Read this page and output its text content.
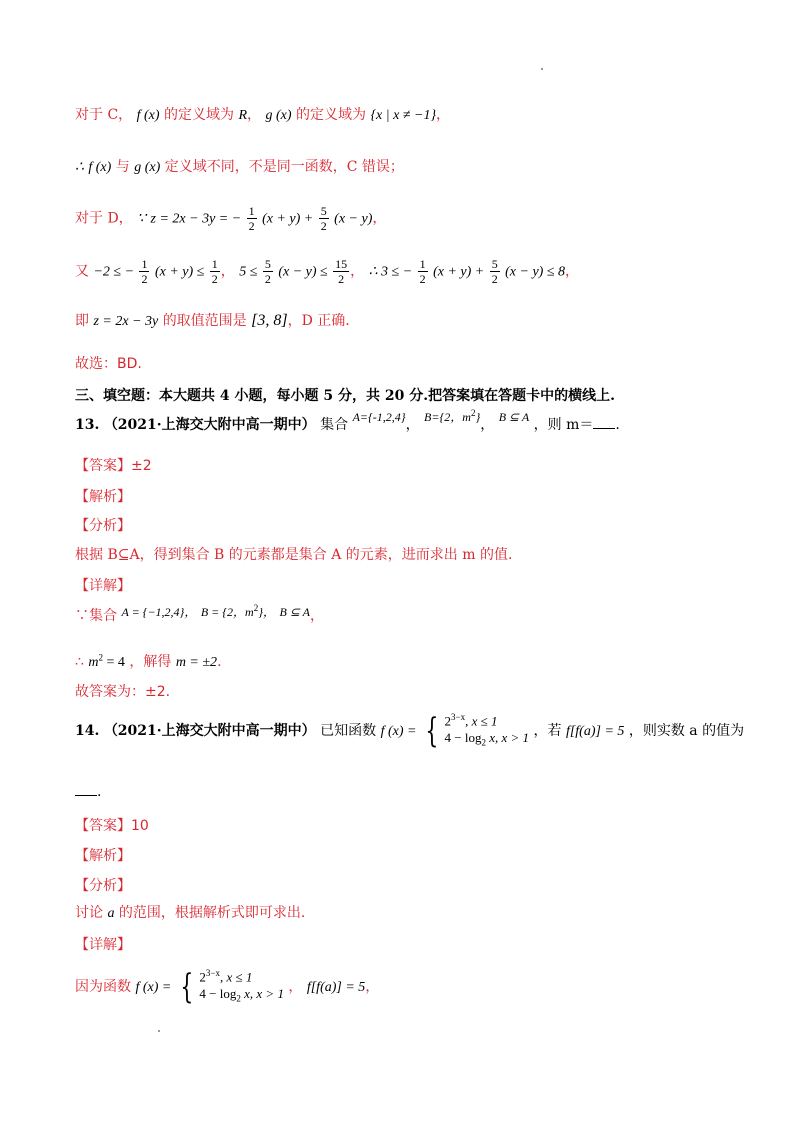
对于 C， f (x) 的定义域为 R， g (x) 的定义域为 {x | x ≠ −1}，
∴ f (x) 与 g (x) 定义域不同，不是同一函数，C 错误；
对于 D， ∵ z = 2x − 3y = − $\frac{1}{2} (x + y) + \frac{5}{2} (x - y)$，
又 −2 ≤ − $\frac{1}{2} (x + y) \le \frac{1}{2}$ ， $5 \le \frac{5}{2} (x - y) \le \frac{15}{2}$ ， ∴ 3 ≤ − $\frac{1}{2} (x + y) + \frac{5}{2} (x - y) \le 8$，
即 z = 2x − 3y 的取值范围是 [3, 8]，D 正确.
故选：BD.
三、填空题：本大题共 4 小题，每小题 5 分，共 20 分.把答案填在答题卡中的横线上.
13. （2021·上海交大附中高一期中） 集合 A={-1,2,4}， B={2，$m^2$}， B ⊆ A ，则 m＝ .
【答案】±2
【解析】
【分析】
根据 B⊆A，得到集合 B 的元素都是集合 A 的元素，进而求出 m 的值.
【详解】
∵集合 A = {−1,2,4}， B = {2，$m^2$}， B ⊆ A，
∴ $m^2 = 4$ ，解得 m = ±2.
故答案为：±2.
14. （2021·上海交大附中高一期中） 已知函数 f (x) = { $2^{3-x}$, x ≤ 1
$4 - \log_2 x$, x > 1 ，若 f[f(a)] = 5 ，则实数 a 的值为
.
【答案】10
【解析】
【分析】
讨论 a 的范围，根据解析式即可求出.
【详解】
因为函数 f (x) = { $2^{3-x}$, x ≤ 1
$4 - \log_2 x$, x > 1 ， f[f(a)] = 5，
